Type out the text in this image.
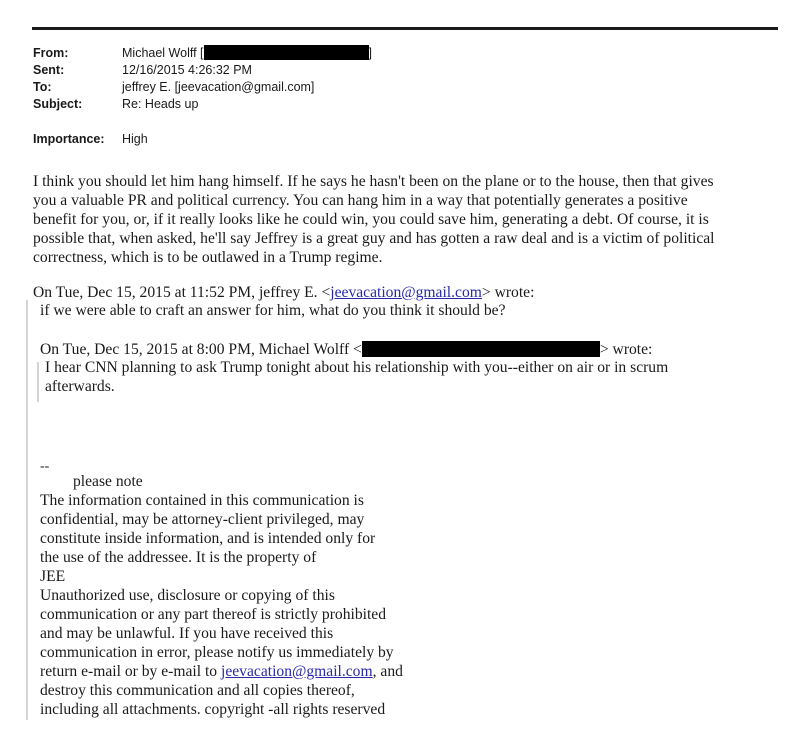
From:	Michael Wolff [	]
Sent:	12/16/2015 4:26:32 PM
To:	jeffrey E. [jeevacation@gmail.com]
Subject:	Re: Heads up
Importance: High
I think you should let him hang himself. If he says he hasn't been on the plane or to the house, then that gives
you a valuable PR and political currency. You can hang him in a way that potentially generates a positive
benefit for you, or, if it really looks like he could win, you could save him, generating a debt. Of course, it is
possible that, when asked, he'll say Jeffrey is a great guy and has gotten a raw deal and is a victim of political
correctness, which is to be outlawed in a Trump regime.
On Tue, Dec 15, 2015 at 11:52 PM, jeffrey E. <jeevacation@gmail.com> wrote:
if we were able to craft an answer for him, what do you think it should be?
On Tue, Dec 15, 2015 at 8:00 PM, Michael Wolff <	> wrote:
I hear CNN planning to ask Trump tonight about his relationship with you--either on air or in scrum
afterwards.
--
please note
The information contained in this communication is
confidential, may be attorney-client privileged, may
constitute inside information, and is intended only for
the use of the addressee. It is the property of
JEE
Unauthorized use, disclosure or copying of this
communication or any part thereof is strictly prohibited
and may be unlawful. If you have received this
communication in error, please notify us immediately by
return e-mail or by e-mail to jeevacation@gmail.com, and
destroy this communication and all copies thereof,
including all attachments. copyright -all rights reserved
